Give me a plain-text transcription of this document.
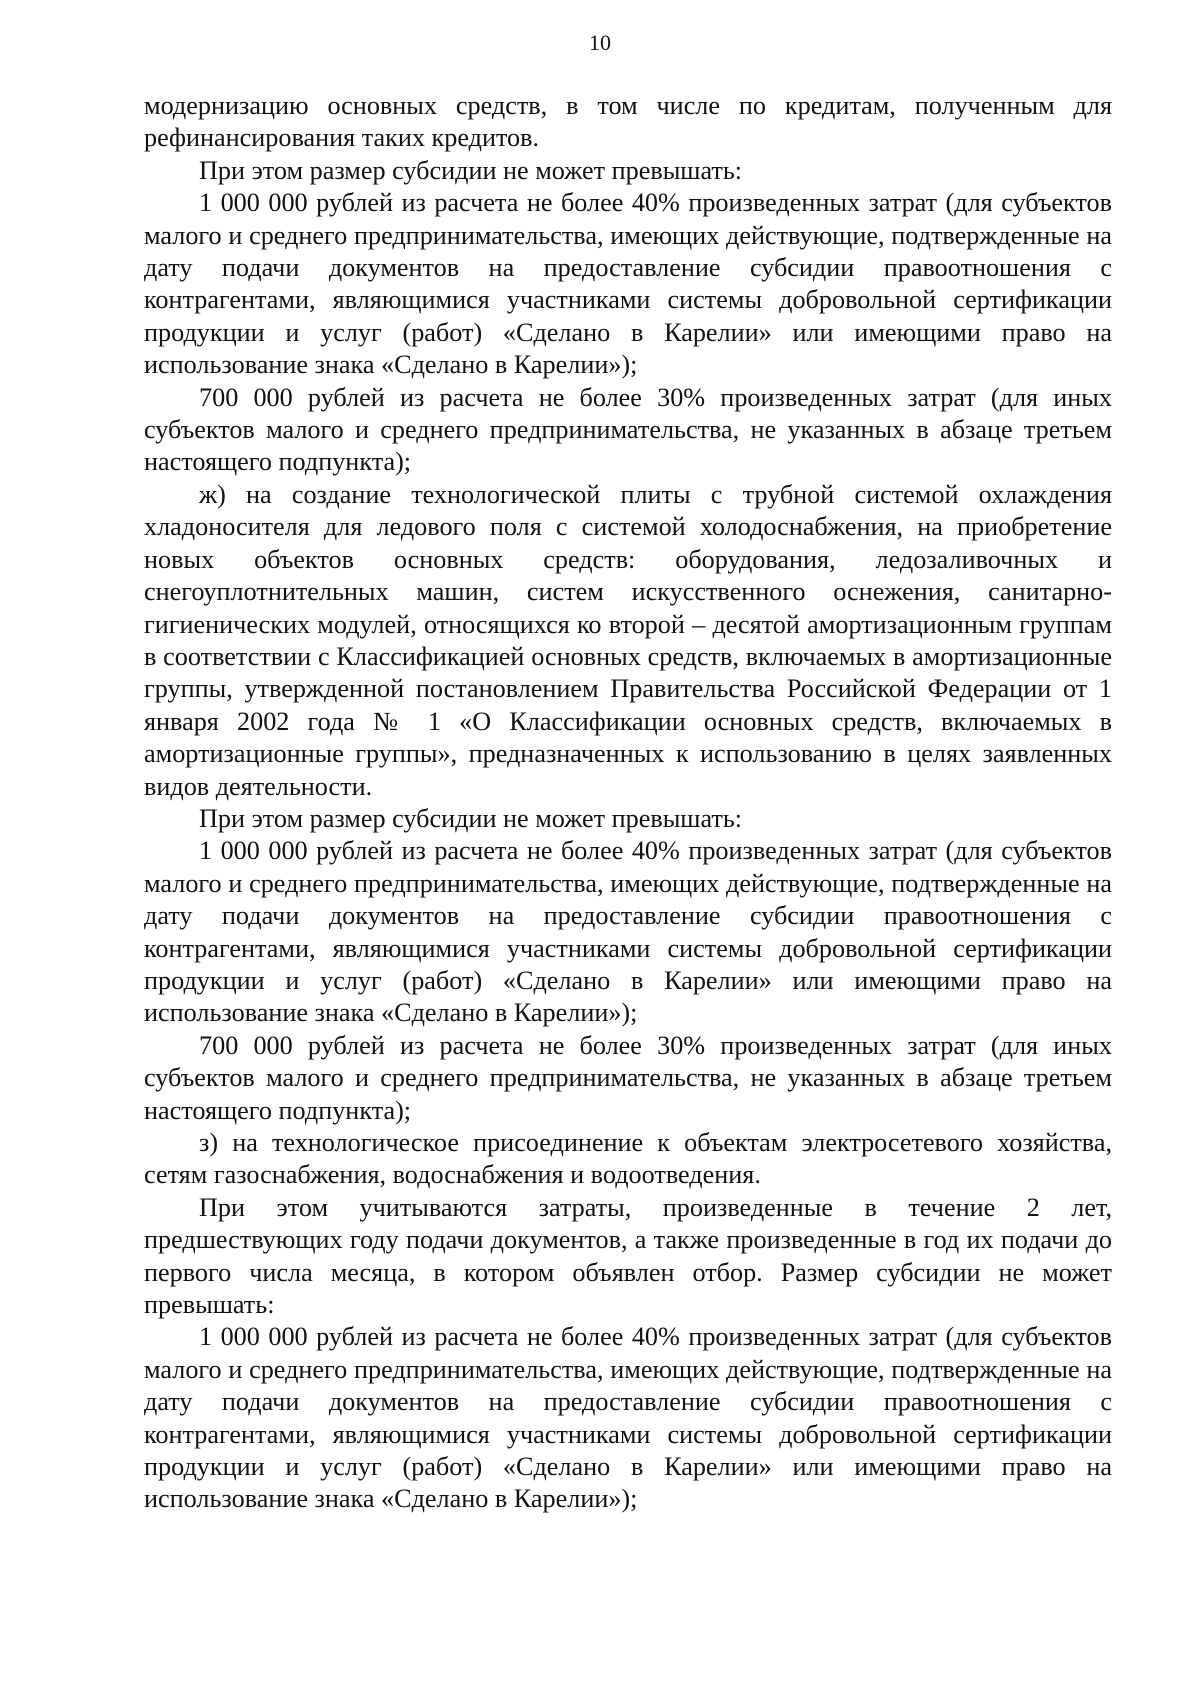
10

модернизацию основных средств, в том числе по кредитам, полученным для рефинансирования таких кредитов.

При этом размер субсидии не может превышать:

1 000 000 рублей из расчета не более 40% произведенных затрат (для субъектов малого и среднего предпринимательства, имеющих действующие, подтвержденные на дату подачи документов на предоставление субсидии правоотношения с контрагентами, являющимися участниками системы добровольной сертификации продукции и услуг (работ) «Сделано в Карелии» или имеющими право на использование знака «Сделано в Карелии»);

700 000 рублей из расчета не более 30% произведенных затрат (для иных субъектов малого и среднего предпринимательства, не указанных в абзаце третьем настоящего подпункта);

ж) на создание технологической плиты с трубной системой охлаждения хладоносителя для ледового поля с системой холодоснабжения, на приобретение новых объектов основных средств: оборудования, ледозаливочных и снегоуплотнительных машин, систем искусственного оснежения, санитарно-гигиенических модулей, относящихся ко второй – десятой амортизационным группам в соответствии с Классификацией основных средств, включаемых в амортизационные группы, утвержденной постановлением Правительства Российской Федерации от 1 января 2002 года № 1 «О Классификации основных средств, включаемых в амортизационные группы», предназначенных к использованию в целях заявленных видов деятельности.

При этом размер субсидии не может превышать:

1 000 000 рублей из расчета не более 40% произведенных затрат (для субъектов малого и среднего предпринимательства, имеющих действующие, подтвержденные на дату подачи документов на предоставление субсидии правоотношения с контрагентами, являющимися участниками системы добровольной сертификации продукции и услуг (работ) «Сделано в Карелии» или имеющими право на использование знака «Сделано в Карелии»);

700 000 рублей из расчета не более 30% произведенных затрат (для иных субъектов малого и среднего предпринимательства, не указанных в абзаце третьем настоящего подпункта);

з) на технологическое присоединение к объектам электросетевого хозяйства, сетям газоснабжения, водоснабжения и водоотведения.

При этом учитываются затраты, произведенные в течение 2 лет, предшествующих году подачи документов, а также произведенные в год их подачи до первого числа месяца, в котором объявлен отбор. Размер субсидии не может превышать:

1 000 000 рублей из расчета не более 40% произведенных затрат (для субъектов малого и среднего предпринимательства, имеющих действующие, подтвержденные на дату подачи документов на предоставление субсидии правоотношения с контрагентами, являющимися участниками системы добровольной сертификации продукции и услуг (работ) «Сделано в Карелии» или имеющими право на использование знака «Сделано в Карелии»);
